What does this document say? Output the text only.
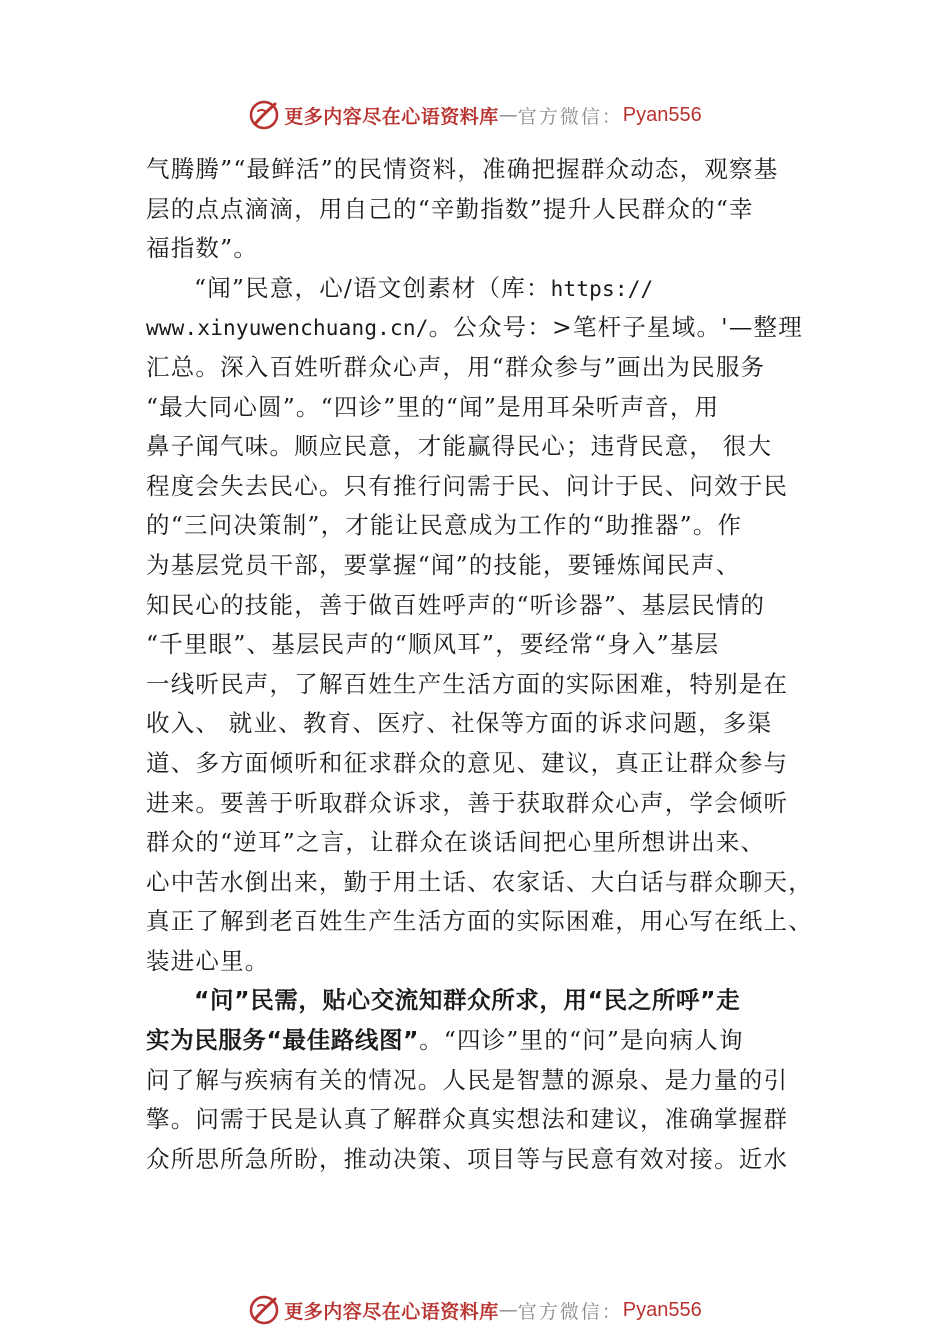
更多内容尽在心语资料库 — 官方微信： Pyan556
气腾腾”“最鲜活”的民情资料，准确把握群众动态，观察基
层的点点滴滴，用自己的“辛勤指数”提升人民群众的“幸
福指数”。
“闻”民意，心/语文创素材（库：https://
www.xinyuwenchuang.cn/。公众号：>笔杆子星域。'—整理
汇总。深入百姓听群众心声，用“群众参与”画出为民服务
“最大同心圆”。“四诊”里的“闻”是用耳朵听声音，用
鼻子闻气味。顺应民意，才能赢得民心；违背民意， 很大
程度会失去民心。只有推行问需于民、问计于民、问效于民
的“三问决策制”，才能让民意成为工作的“助推器”。作
为基层党员干部，要掌握“闻”的技能，要锤炼闻民声、
知民心的技能，善于做百姓呼声的“听诊器”、基层民情的
“千里眼”、基层民声的“顺风耳”，要经常“身入”基层
一线听民声，了解百姓生产生活方面的实际困难，特别是在
收入、 就业、教育、医疗、社保等方面的诉求问题，多渠
道、多方面倾听和征求群众的意见、建议，真正让群众参与
进来。要善于听取群众诉求，善于获取群众心声，学会倾听
群众的“逆耳”之言，让群众在谈话间把心里所想讲出来、
心中苦水倒出来，勤于用土话、农家话、大白话与群众聊天，
真正了解到老百姓生产生活方面的实际困难，用心写在纸上、
装进心里。
“问”民需，贴心交流知群众所求，用“民之所呼”走
实为民服务“最佳路线图”。“四诊”里的“问”是向病人询
问了解与疾病有关的情况。人民是智慧的源泉、是力量的引
擎。问需于民是认真了解群众真实想法和建议，准确掌握群
众所思所急所盼，推动决策、项目等与民意有效对接。近水
更多内容尽在心语资料库 — 官方微信： Pyan556
